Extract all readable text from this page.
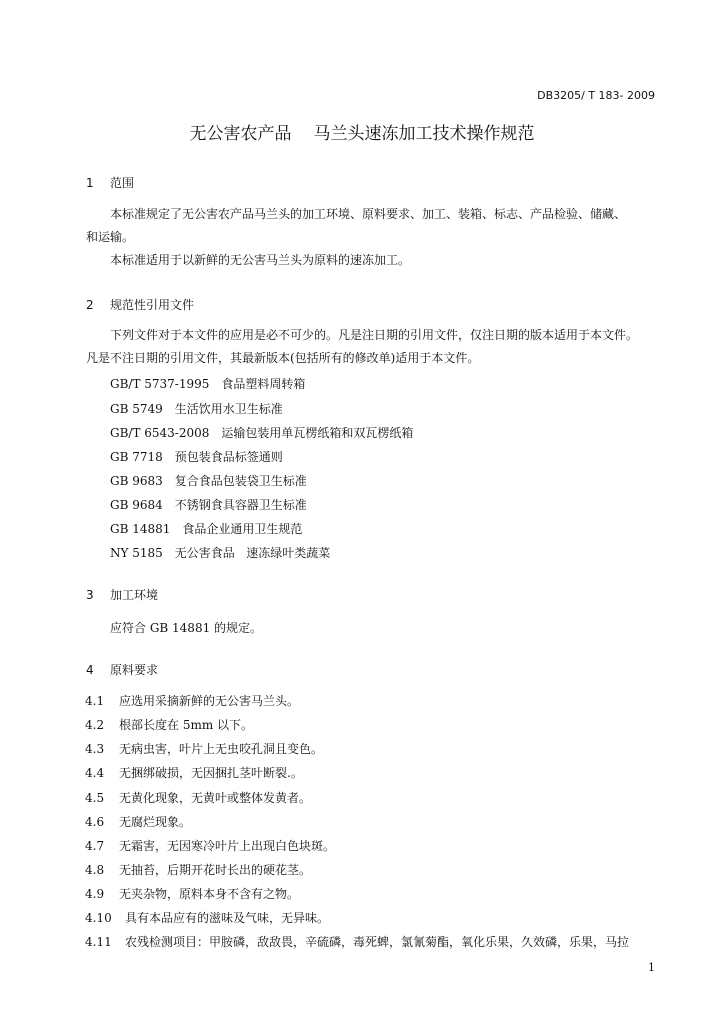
DB3205/ T 183- 2009
无公害农产品 马兰头速冻加工技术操作规范
1 范围
本标准规定了无公害农产品马兰头的加工环境、原料要求、加工、装箱、标志、产品检验、储藏、
和运输。
本标准适用于以新鲜的无公害马兰头为原料的速冻加工。
2 规范性引用文件
下列文件对于本文件的应用是必不可少的。凡是注日期的引用文件，仅注日期的版本适用于本文件。
凡是不注日期的引用文件，其最新版本(包括所有的修改单)适用于本文件。
GB/T 5737-1995 食品塑料周转箱
GB 5749 生活饮用水卫生标准
GB/T 6543-2008 运输包装用单瓦楞纸箱和双瓦楞纸箱
GB 7718 预包装食品标签通则
GB 9683 复合食品包装袋卫生标准
GB 9684 不锈钢食具容器卫生标准
GB 14881 食品企业通用卫生规范
NY 5185 无公害食品   速冻绿叶类蔬菜
3 加工环境
应符合 GB 14881 的规定。
4 原料要求
4.1 应选用采摘新鲜的无公害马兰头。
4.2 根部长度在 5mm 以下。
4.3 无病虫害，叶片上无虫咬孔洞且变色。
4.4 无捆绑破损，无因捆扎茎叶断裂.。
4.5 无黄化现象，无黄叶或整体发黄者。
4.6 无腐烂现象。
4.7 无霜害，无因寒冷叶片上出现白色块斑。
4.8 无抽苔，后期开花时长出的硬花茎。
4.9 无夹杂物，原料本身不含有之物。
4.10 具有本品应有的滋味及气味，无异味。
4.11 农残检测项目：甲胺磷，敌敌畏，辛硫磷，毒死蜱，氯氰菊酯，氧化乐果，久效磷，乐果，马拉
1
